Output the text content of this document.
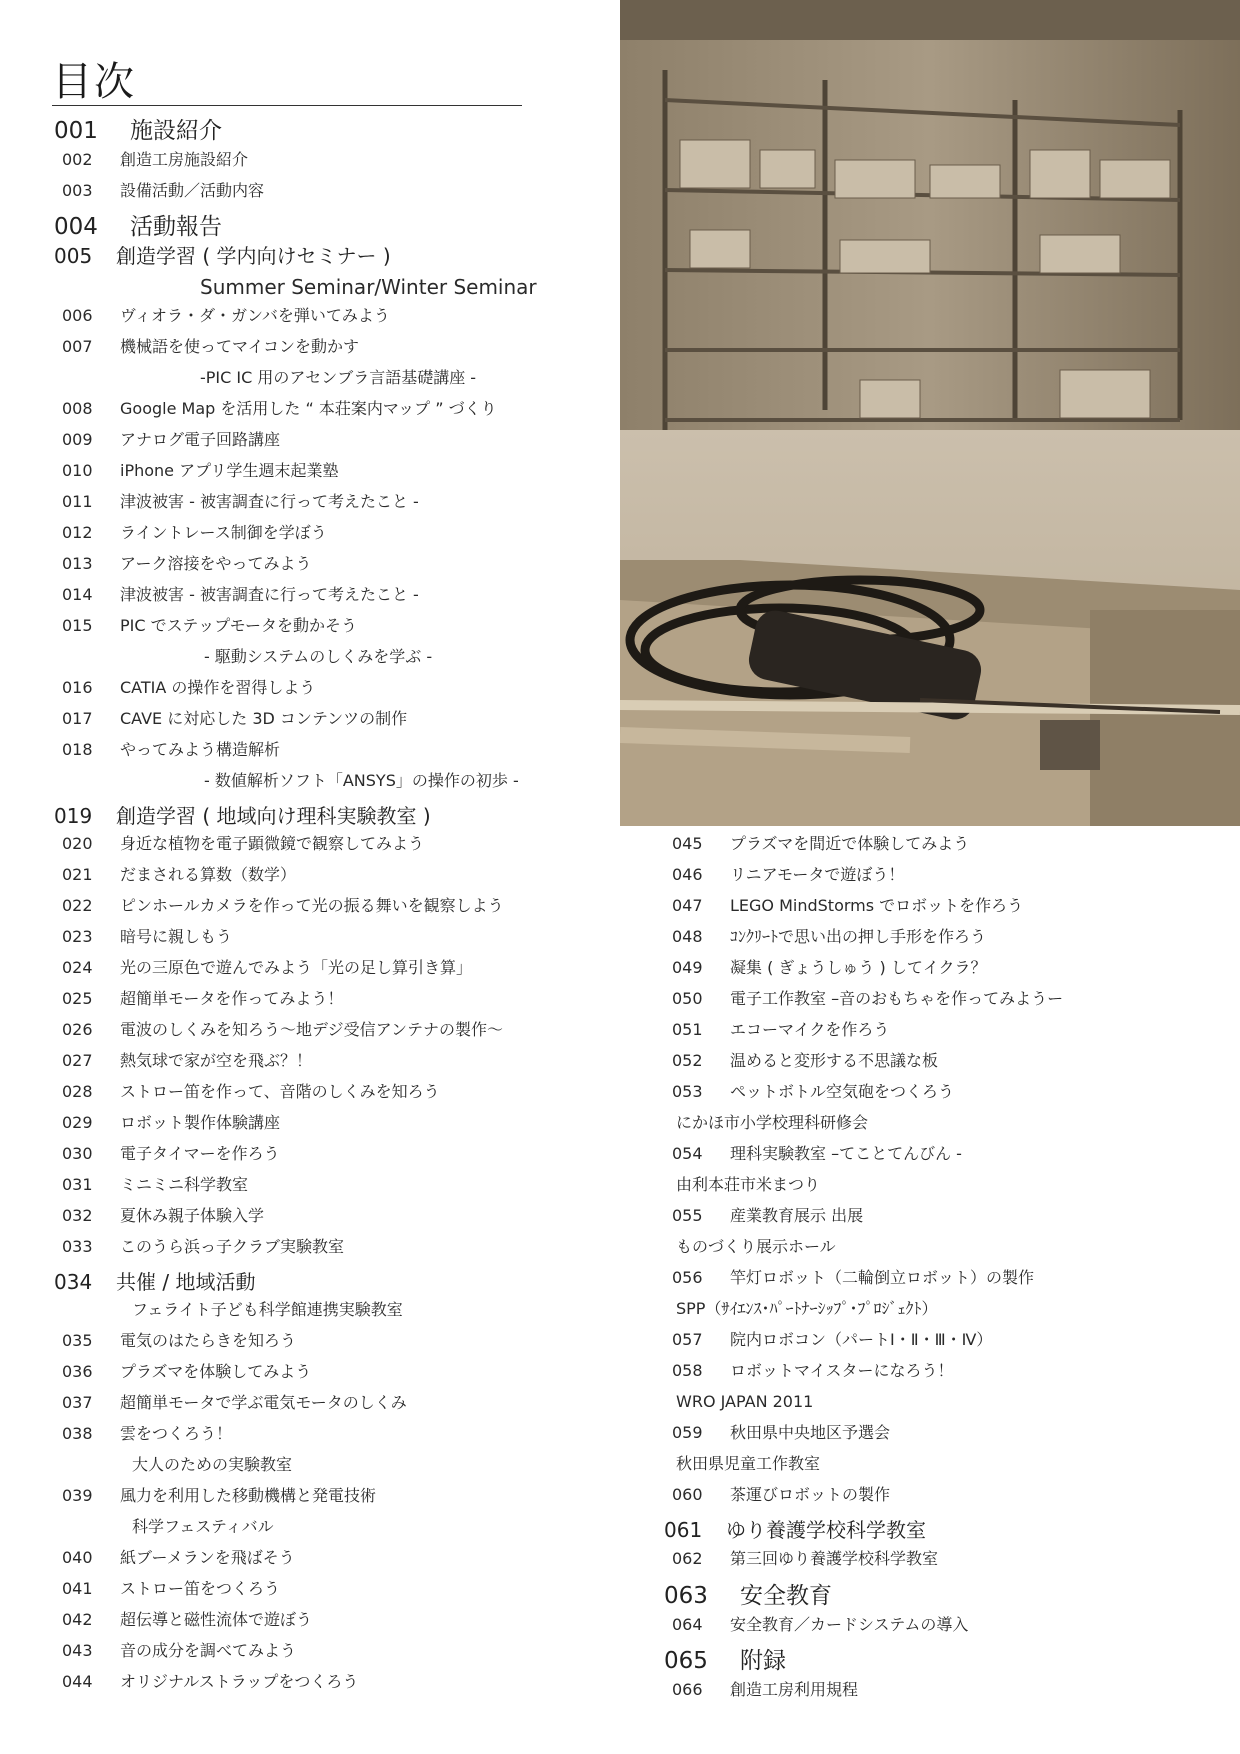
目次
001 施設紹介
002 創造工房施設紹介
003 設備活動／活動内容
004 活動報告
005 創造学習 ( 学内向けセミナー )
Summer Seminar/Winter Seminar
006 ヴィオラ・ダ・ガンバを弾いてみよう
007 機械語を使ってマイコンを動かす
-PIC IC 用のアセンブラ言語基礎講座 -
008 Google Map を活用した “ 本荘案内マップ ” づくり
009 アナログ電子回路講座
010 iPhone アプリ学生週末起業塾
011 津波被害 - 被害調査に行って考えたこと -
012 ライントレース制御を学ぼう
013 アーク溶接をやってみよう
014 津波被害 - 被害調査に行って考えたこと -
015 PIC でステップモータを動かそう
- 駆動システムのしくみを学ぶ -
016 CATIA の操作を習得しよう
017 CAVE に対応した 3D コンテンツの制作
018 やってみよう構造解析
- 数値解析ソフト「ANSYS」の操作の初歩 -
019 創造学習 ( 地域向け理科実験教室 )
020 身近な植物を電子顕微鏡で観察してみよう
021 だまされる算数（数学）
022 ピンホールカメラを作って光の振る舞いを観察しよう
023 暗号に親しもう
024 光の三原色で遊んでみよう「光の足し算引き算」
025 超簡単モータを作ってみよう！
026 電波のしくみを知ろう〜地デジ受信アンテナの製作〜
027 熱気球で家が空を飛ぶ？！
028 ストロー笛を作って、音階のしくみを知ろう
029 ロボット製作体験講座
030 電子タイマーを作ろう
031 ミニミニ科学教室
032 夏休み親子体験入学
033 このうら浜っ子クラブ実験教室
034 共催 / 地域活動
フェライト子ども科学館連携実験教室
035 電気のはたらきを知ろう
036 プラズマを体験してみよう
037 超簡単モータで学ぶ電気モータのしくみ
038 雲をつくろう！
大人のための実験教室
039 風力を利用した移動機構と発電技術
科学フェスティバル
040 紙ブーメランを飛ばそう
041 ストロー笛をつくろう
042 超伝導と磁性流体で遊ぼう
043 音の成分を調べてみよう
044 オリジナルストラップをつくろう
045 プラズマを間近で体験してみよう
046 リニアモータで遊ぼう！
047 LEGO MindStorms でロボットを作ろう
048 ｺﾝｸﾘｰﾄで思い出の押し手形を作ろう
049 凝集 ( ぎょうしゅう ) してイクラ？
050 電子工作教室 –音のおもちゃを作ってみようー
051 エコーマイクを作ろう
052 温めると変形する不思議な板
053 ペットボトル空気砲をつくろう
にかほ市小学校理科研修会
054 理科実験教室 –てことてんびん -
由利本荘市米まつり
055 産業教育展示 出展
ものづくり展示ホール
056 竿灯ロボット（二輪倒立ロボット）の製作
SPP（ｻｲｴﾝｽ･ﾊﾟｰﾄﾅｰｼｯﾌﾟ･ﾌﾟﾛｼﾞｪｸﾄ）
057 院内ロボコン（パートⅠ・Ⅱ・Ⅲ・Ⅳ）
058 ロボットマイスターになろう！
WRO JAPAN 2011
059 秋田県中央地区予選会
秋田県児童工作教室
060 茶運びロボットの製作
061 ゆり養護学校科学教室
062 第三回ゆり養護学校科学教室
063 安全教育
064 安全教育／カードシステムの導入
065 附録
066 創造工房利用規程
